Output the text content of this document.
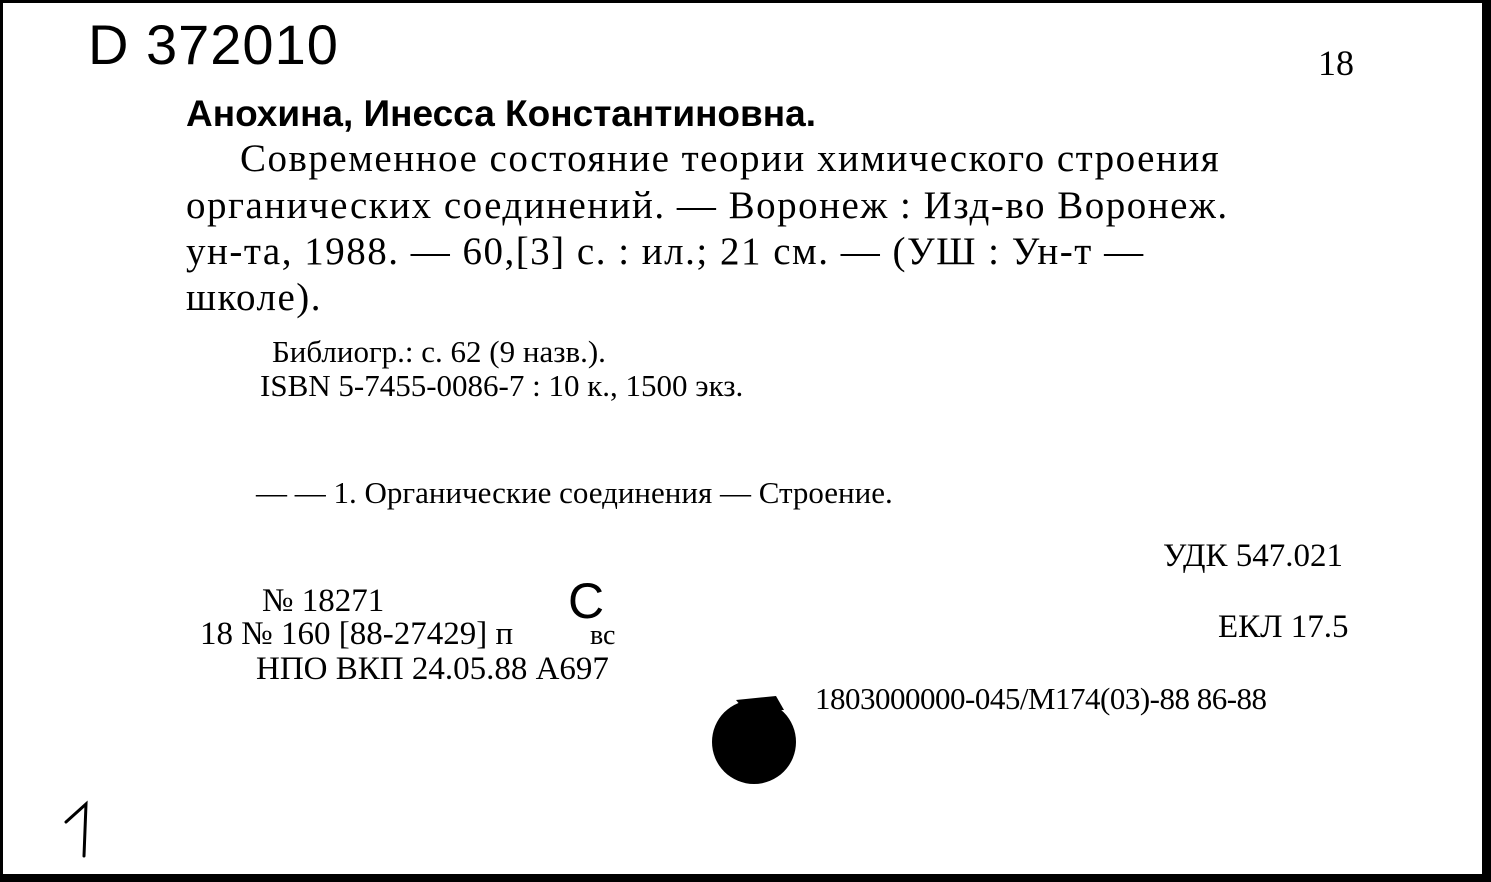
D 372010	18
Анохина, Инесса Константиновна.
Современное состояние теории химического строения
органических соединений. — Воронеж : Изд-во Воронеж.
ун-та, 1988. — 60,[3] с. : ил.; 21 см. — (УШ : Ун-т —
школе).
Библиогр.: с. 62 (9 назв.).
ISBN 5-7455-0086-7 : 10 к., 1500 экз.
— — 1. Органические соединения — Строение.
УДК 547.021
ЕКЛ 17.5
1803000000-045/М174(03)-88 86-88
№ 18271
18 № 160 [88-27429] п
НПО ВКП 24.05.88 А697
С
вс
